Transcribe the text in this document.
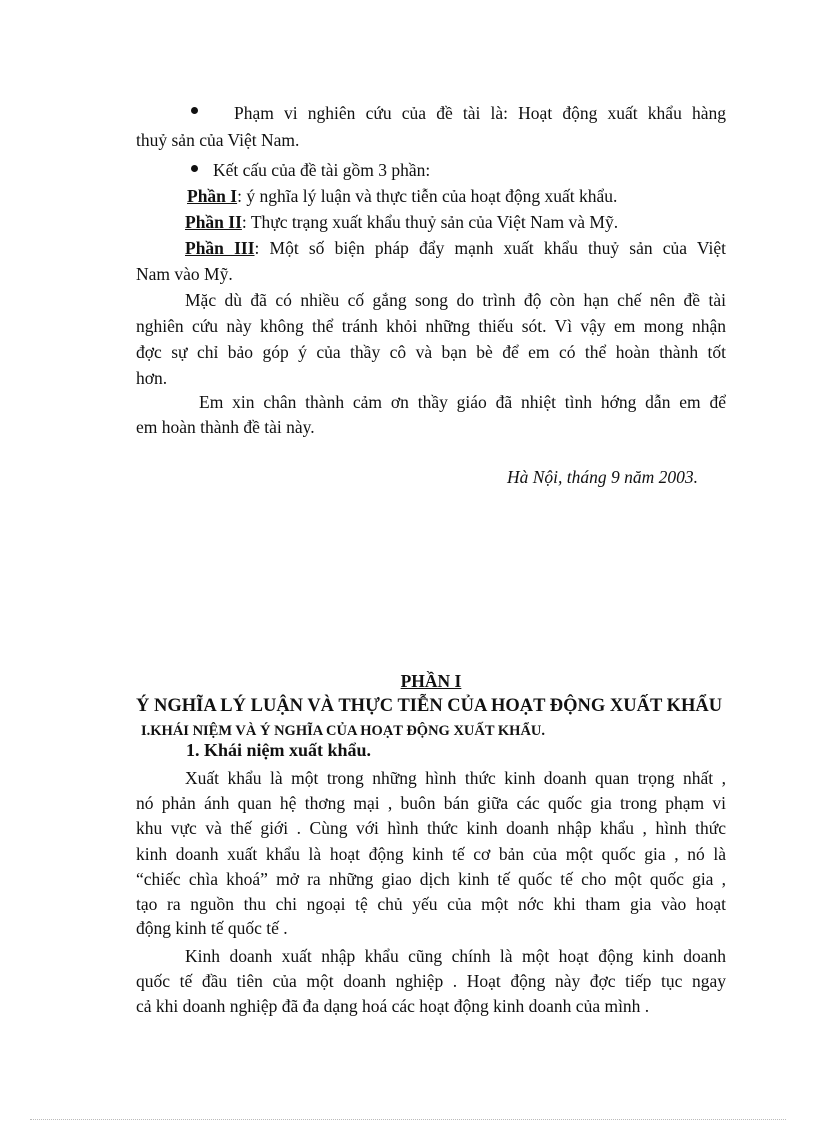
Phạm vi nghiên cứu của đề tài là: Hoạt động xuất khẩu hàng
thuỷ sản của Việt Nam.
Kết cấu của đề tài gồm 3 phần:
Phần I: ý nghĩa lý luận và thực tiễn của hoạt động xuất khẩu.
Phần II: Thực trạng xuất khẩu thuỷ sản của Việt Nam và Mỹ.
Phần III: Một số biện pháp đẩy mạnh xuất khẩu thuỷ sản của Việt
Nam vào Mỹ.
Mặc dù đã có nhiều cố gắng song do trình độ còn hạn chế nên đề tài
nghiên cứu này không thể tránh khỏi những thiếu sót. Vì vậy em mong nhận
đợc sự chỉ bảo góp ý của thầy cô và bạn bè để em có thể hoàn thành tốt
hơn.
Em xin chân thành cảm ơn thầy giáo đã nhiệt tình hớng dẫn em để
em hoàn thành đề tài này.
Hà Nội, tháng 9 năm 2003.
PHẦN I
Ý NGHĨA LÝ LUẬN VÀ THỰC TIỄN CỦA HOẠT ĐỘNG XUẤT KHẨU
I.KHÁI NIỆM VÀ Ý NGHĨA CỦA HOẠT ĐỘNG XUẤT KHẨU.
1. Khái niệm xuất khẩu.
Xuất khẩu là một trong những hình thức kinh doanh quan trọng nhất ,
nó phản ánh quan hệ thơng mại , buôn bán giữa các quốc gia trong phạm vi
khu vực và thế giới . Cùng với hình thức kinh doanh nhập khẩu , hình thức
kinh doanh xuất khẩu là hoạt động kinh tế cơ bản của một quốc gia , nó là
“chiếc chìa khoá” mở ra những giao dịch kinh tế quốc tế cho một quốc gia ,
tạo ra nguồn thu chi ngoại tệ chủ yếu của một nớc khi tham gia vào hoạt
động kinh tế quốc tế .
Kinh doanh xuất nhập khẩu cũng chính là một hoạt động kinh doanh
quốc tế đầu tiên của một doanh nghiệp . Hoạt động này đợc tiếp tục ngay
cả khi doanh nghiệp đã đa dạng hoá các hoạt động kinh doanh của mình .
